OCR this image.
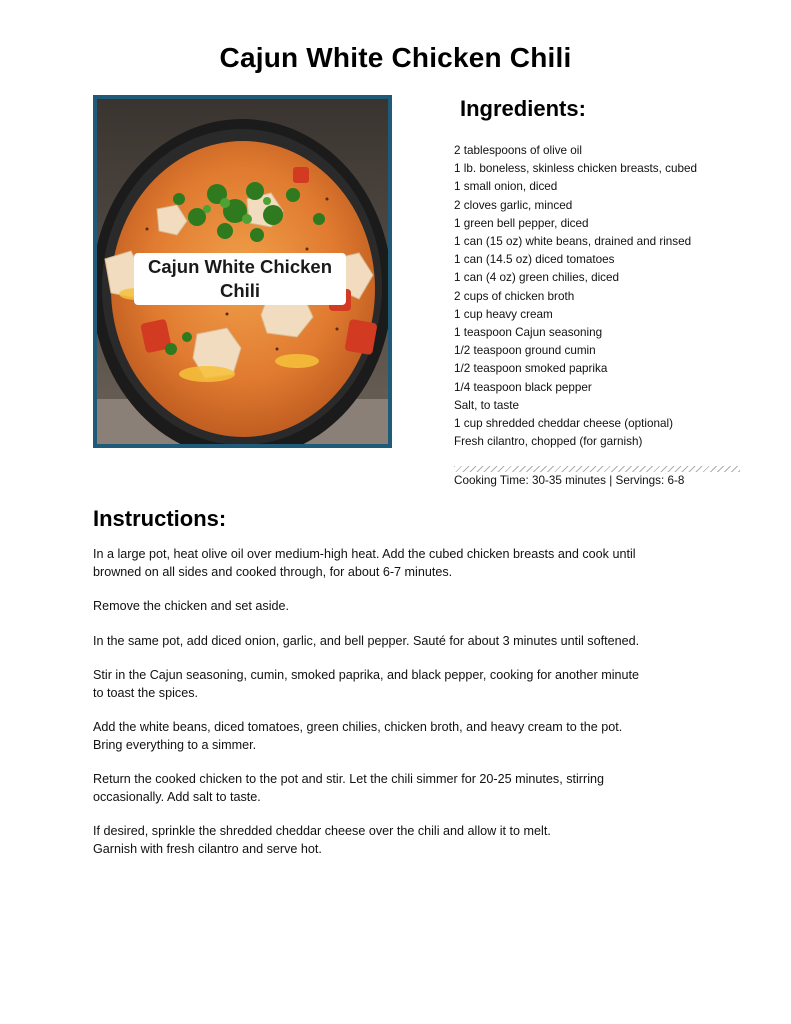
Cajun White Chicken Chili
Cajun White Chicken Chili
Ingredients:
2 tablespoons of olive oil
1 lb. boneless, skinless chicken breasts, cubed
1 small onion, diced
2 cloves garlic, minced
1 green bell pepper, diced
1 can (15 oz) white beans, drained and rinsed
1 can (14.5 oz) diced tomatoes
1 can (4 oz) green chilies, diced
2 cups of chicken broth
1 cup heavy cream
1 teaspoon Cajun seasoning
1/2 teaspoon ground cumin
1/2 teaspoon smoked paprika
1/4 teaspoon black pepper
Salt, to taste
1 cup shredded cheddar cheese (optional)
Fresh cilantro, chopped (for garnish)
Cooking Time: 30-35 minutes | Servings: 6-8
Instructions:

In a large pot, heat olive oil over medium-high heat. Add the cubed chicken breasts and cook until
browned on all sides and cooked through, for about 6-7 minutes.

Remove the chicken and set aside.

In the same pot, add diced onion, garlic, and bell pepper. Sauté for about 3 minutes until softened.

Stir in the Cajun seasoning, cumin, smoked paprika, and black pepper, cooking for another minute
to toast the spices.

Add the white beans, diced tomatoes, green chilies, chicken broth, and heavy cream to the pot.
Bring everything to a simmer.

Return the cooked chicken to the pot and stir. Let the chili simmer for 20-25 minutes, stirring
occasionally. Add salt to taste.

If desired, sprinkle the shredded cheddar cheese over the chili and allow it to melt.
Garnish with fresh cilantro and serve hot.
